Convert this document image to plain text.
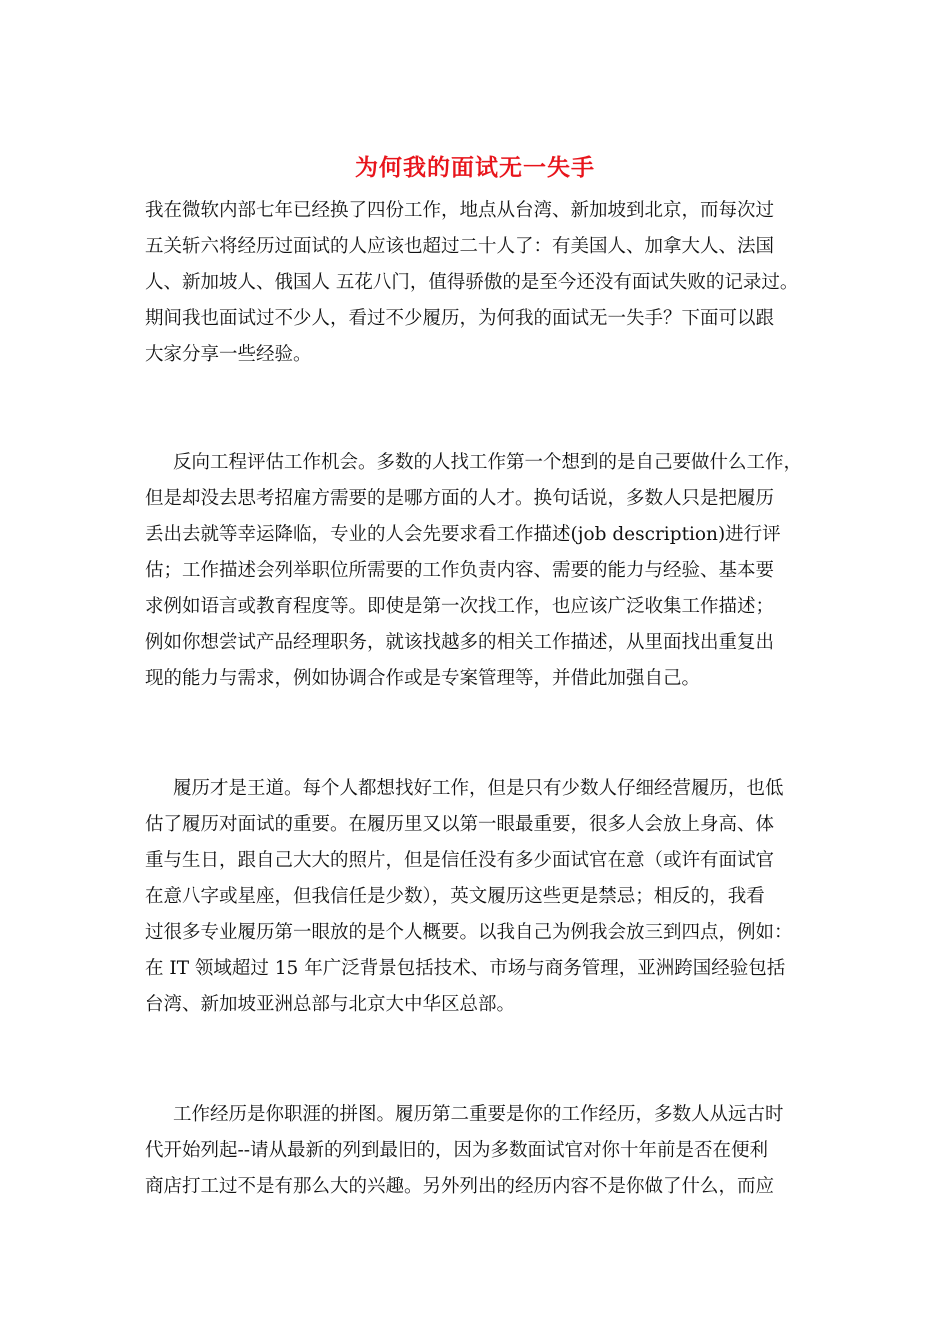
为何我的面试无一失手
我在微软内部七年已经换了四份工作，地点从台湾、新加坡到北京，而每次过
五关斩六将经历过面试的人应该也超过二十人了：有美国人、加拿大人、法国
人、新加坡人、俄国人 五花八门，值得骄傲的是至今还没有面试失败的记录过。
期间我也面试过不少人，看过不少履历，为何我的面试无一失手？下面可以跟
大家分享一些经验。
反向工程评估工作机会。多数的人找工作第一个想到的是自己要做什么工作，
但是却没去思考招雇方需要的是哪方面的人才。换句话说，多数人只是把履历
丢出去就等幸运降临，专业的人会先要求看工作描述(job description)进行评
估；工作描述会列举职位所需要的工作负责内容、需要的能力与经验、基本要
求例如语言或教育程度等。即使是第一次找工作，也应该广泛收集工作描述；
例如你想尝试产品经理职务，就该找越多的相关工作描述，从里面找出重复出
现的能力与需求，例如协调合作或是专案管理等，并借此加强自己。
履历才是王道。每个人都想找好工作，但是只有少数人仔细经营履历，也低
估了履历对面试的重要。在履历里又以第一眼最重要，很多人会放上身高、体
重与生日，跟自己大大的照片，但是信任没有多少面试官在意（或许有面试官
在意八字或星座，但我信任是少数），英文履历这些更是禁忌；相反的，我看
过很多专业履历第一眼放的是个人概要。以我自己为例我会放三到四点，例如：
在 IT 领域超过 15 年广泛背景包括技术、市场与商务管理，亚洲跨国经验包括
台湾、新加坡亚洲总部与北京大中华区总部。
工作经历是你职涯的拼图。履历第二重要是你的工作经历，多数人从远古时
代开始列起--请从最新的列到最旧的，因为多数面试官对你十年前是否在便利
商店打工过不是有那么大的兴趣。另外列出的经历内容不是你做了什么，而应
